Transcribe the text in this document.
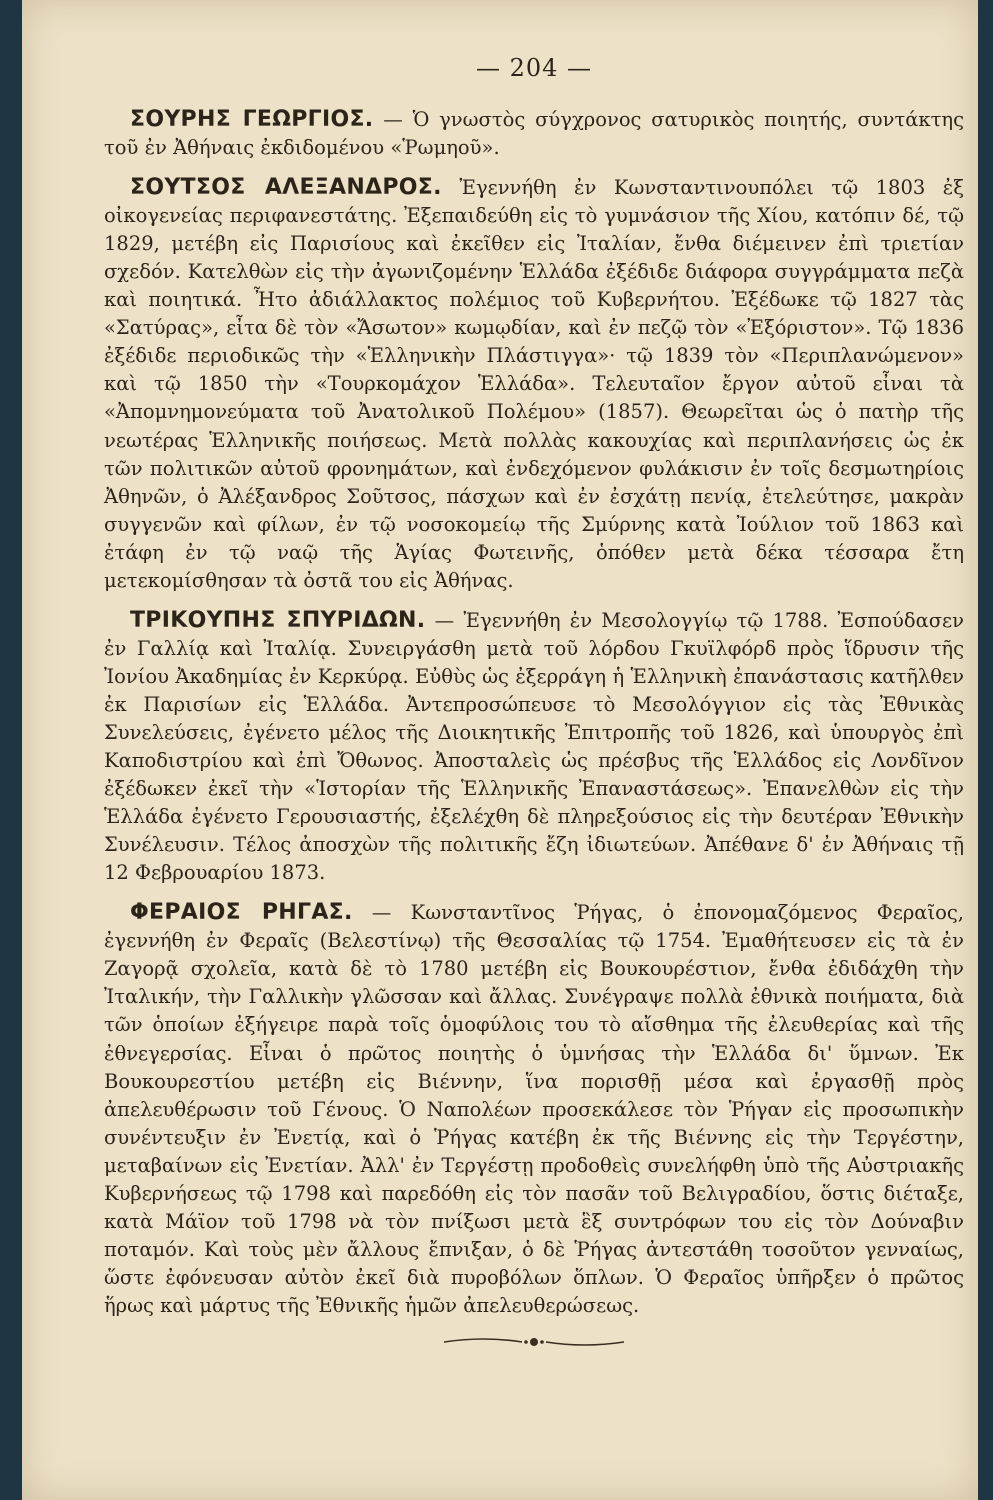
— 204 —

ΣΟΥΡΗΣ ΓΕΩΡΓΙΟΣ. — Ὁ γνωστὸς σύγχρονος σατυρικὸς ποιητής, συντάκτης τοῦ ἐν Ἀθήναις ἐκδιδομένου «Ῥωμηοῦ».

ΣΟΥΤΣΟΣ ΑΛΕΞΑΝΔΡΟΣ. Ἐγεννήθη ἐν Κωνσταντινουπόλει τῷ 1803 ἐξ οἰκογενείας περιφανεστάτης. Ἐξεπαιδεύθη εἰς τὸ γυμνάσιον τῆς Χίου, κατόπιν δέ, τῷ 1829, μετέβη εἰς Παρισίους καὶ ἐκεῖθεν εἰς Ἰταλίαν, ἔνθα διέμεινεν ἐπὶ τριετίαν σχεδόν. Κατελθὼν εἰς τὴν ἀγωνιζομένην Ἑλλάδα ἐξέδιδε διάφορα συγγράμματα πεζὰ καὶ ποιητικά. Ἦτο ἀδιάλλακτος πολέμιος τοῦ Κυβερνήτου. Ἐξέδωκε τῷ 1827 τὰς «Σατύρας», εἶτα δὲ τὸν «Ἄσωτον» κωμῳδίαν, καὶ ἐν πεζῷ τὸν «Ἐξόριστον». Τῷ 1836 ἐξέδιδε περιοδικῶς τὴν «Ἑλληνικὴν Πλάστιγγα»· τῷ 1839 τὸν «Περιπλανώμενον» καὶ τῷ 1850 τὴν «Τουρκομάχον Ἑλλάδα». Τελευταῖον ἔργον αὐτοῦ εἶναι τὰ «Ἀπομνημονεύματα τοῦ Ἀνατολικοῦ Πολέμου» (1857). Θεωρεῖται ὡς ὁ πατὴρ τῆς νεωτέρας Ἑλληνικῆς ποιήσεως. Μετὰ πολλὰς κακουχίας καὶ περιπλανήσεις ὡς ἐκ τῶν πολιτικῶν αὐτοῦ φρονημάτων, καὶ ἐνδεχόμενον φυλάκισιν ἐν τοῖς δεσμωτηρίοις Ἀθηνῶν, ὁ Ἀλέξανδρος Σοῦτσος, πάσχων καὶ ἐν ἐσχάτῃ πενίᾳ, ἐτελεύτησε, μακρὰν συγγενῶν καὶ φίλων, ἐν τῷ νοσοκομείῳ τῆς Σμύρνης κατὰ Ἰούλιον τοῦ 1863 καὶ ἐτάφη ἐν τῷ ναῷ τῆς Ἁγίας Φωτεινῆς, ὁπόθεν μετὰ δέκα τέσσαρα ἔτη μετεκομίσθησαν τὰ ὀστᾶ του εἰς Ἀθήνας.

ΤΡΙΚΟΥΠΗΣ ΣΠΥΡΙΔΩΝ. — Ἐγεννήθη ἐν Μεσολογγίῳ τῷ 1788. Ἐσπούδασεν ἐν Γαλλίᾳ καὶ Ἰταλίᾳ. Συνειργάσθη μετὰ τοῦ λόρδου Γκυϊλφόρδ πρὸς ἵδρυσιν τῆς Ἰονίου Ἀκαδημίας ἐν Κερκύρᾳ. Εὐθὺς ὡς ἐξερράγη ἡ Ἑλληνικὴ ἐπανάστασις κατῆλθεν ἐκ Παρισίων εἰς Ἑλλάδα. Ἀντεπροσώπευσε τὸ Μεσολόγγιον εἰς τὰς Ἐθνικὰς Συνελεύσεις, ἐγένετο μέλος τῆς Διοικητικῆς Ἐπιτροπῆς τοῦ 1826, καὶ ὑπουργὸς ἐπὶ Καποδιστρίου καὶ ἐπὶ Ὄθωνος. Ἀποσταλεὶς ὡς πρέσβυς τῆς Ἑλλάδος εἰς Λονδῖνον ἐξέδωκεν ἐκεῖ τὴν «Ἱστορίαν τῆς Ἑλληνικῆς Ἐπαναστάσεως». Ἐπανελθὼν εἰς τὴν Ἑλλάδα ἐγένετο Γερουσιαστής, ἐξελέχθη δὲ πληρεξούσιος εἰς τὴν δευτέραν Ἐθνικὴν Συνέλευσιν. Τέλος ἀποσχὼν τῆς πολιτικῆς ἔζη ἰδιωτεύων. Ἀπέθανε δ' ἐν Ἀθήναις τῇ 12 Φεβρουαρίου 1873.

ΦΕΡΑΙΟΣ ΡΗΓΑΣ. — Κωνσταντῖνος Ῥήγας, ὁ ἐπονομαζόμενος Φεραῖος, ἐγεννήθη ἐν Φεραῖς (Βελεστίνῳ) τῆς Θεσσαλίας τῷ 1754. Ἐμαθήτευσεν εἰς τὰ ἐν Ζαγορᾷ σχολεῖα, κατὰ δὲ τὸ 1780 μετέβη εἰς Βουκουρέστιον, ἔνθα ἐδιδάχθη τὴν Ἰταλικήν, τὴν Γαλλικὴν γλῶσσαν καὶ ἄλλας. Συνέγραψε πολλὰ ἐθνικὰ ποιήματα, διὰ τῶν ὁποίων ἐξήγειρε παρὰ τοῖς ὁμοφύλοις του τὸ αἴσθημα τῆς ἐλευθερίας καὶ τῆς ἐθνεγερσίας. Εἶναι ὁ πρῶτος ποιητὴς ὁ ὑμνήσας τὴν Ἑλλάδα δι' ὕμνων. Ἐκ Βουκουρεστίου μετέβη εἰς Βιέννην, ἵνα πορισθῇ μέσα καὶ ἐργασθῇ πρὸς ἀπελευθέρωσιν τοῦ Γένους. Ὁ Ναπολέων προσεκάλεσε τὸν Ῥήγαν εἰς προσωπικὴν συνέντευξιν ἐν Ἐνετίᾳ, καὶ ὁ Ῥήγας κατέβη ἐκ τῆς Βιέννης εἰς τὴν Τεργέστην, μεταβαίνων εἰς Ἐνετίαν. Ἀλλ' ἐν Τεργέστῃ προδοθεὶς συνελήφθη ὑπὸ τῆς Αὐστριακῆς Κυβερνήσεως τῷ 1798 καὶ παρεδόθη εἰς τὸν πασᾶν τοῦ Βελιγραδίου, ὅστις διέταξε, κατὰ Μάϊον τοῦ 1798 νὰ τὸν πνίξωσι μετὰ ἓξ συντρόφων του εἰς τὸν Δούναβιν ποταμόν. Καὶ τοὺς μὲν ἄλλους ἔπνιξαν, ὁ δὲ Ῥήγας ἀντεστάθη τοσοῦτον γενναίως, ὥστε ἐφόνευσαν αὐτὸν ἐκεῖ διὰ πυροβόλων ὅπλων. Ὁ Φεραῖος ὑπῆρξεν ὁ πρῶτος ἥρως καὶ μάρτυς τῆς Ἐθνικῆς ἡμῶν ἀπελευθερώσεως.
